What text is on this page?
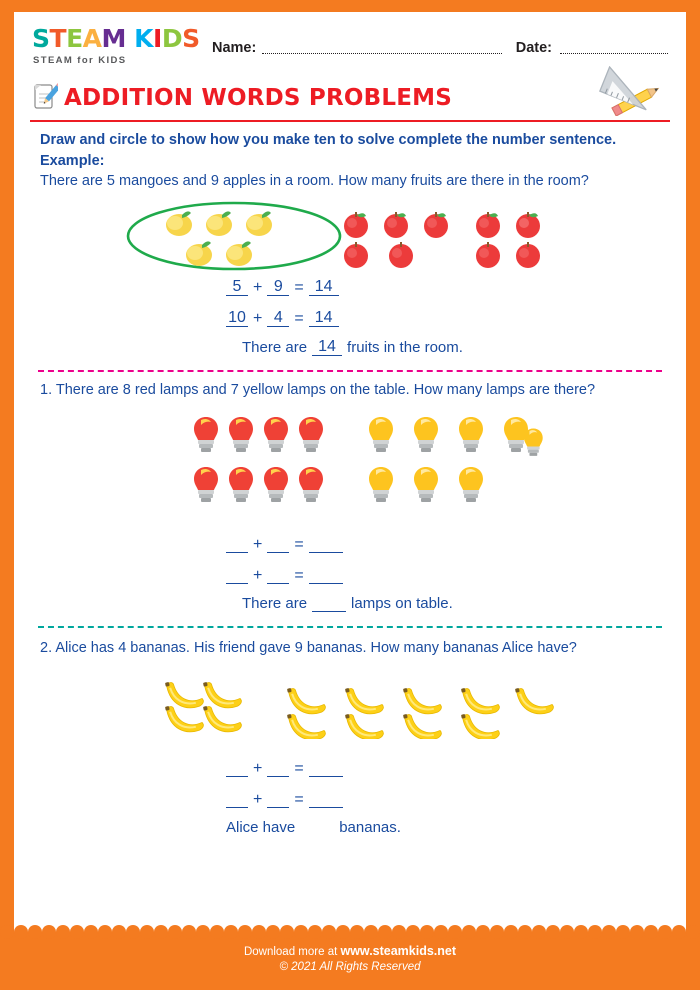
S T E A M
K I D S
STEAM for KIDS
Name:	Date:
ADDITION WORDS PROBLEMS
Draw and circle to show how you make ten to solve complete the number sentence.
Example:
There are 5 mangoes and 9 apples in a room. How many fruits are there in the room?
5 + 9 = 14
10 + 4 = 14
There are 14 fruits in the room.
1. There are 8 red lamps and 7 yellow lamps on the table. How many lamps are there?
+ =
+ =
There are	lamps on table.
2. Alice has 4 bananas. His friend gave 9 bananas. How many bananas Alice have?
+ =
+ =
Alice have	bananas.
Download more at www.steamkids.net
© 2021 All Rights Reserved
